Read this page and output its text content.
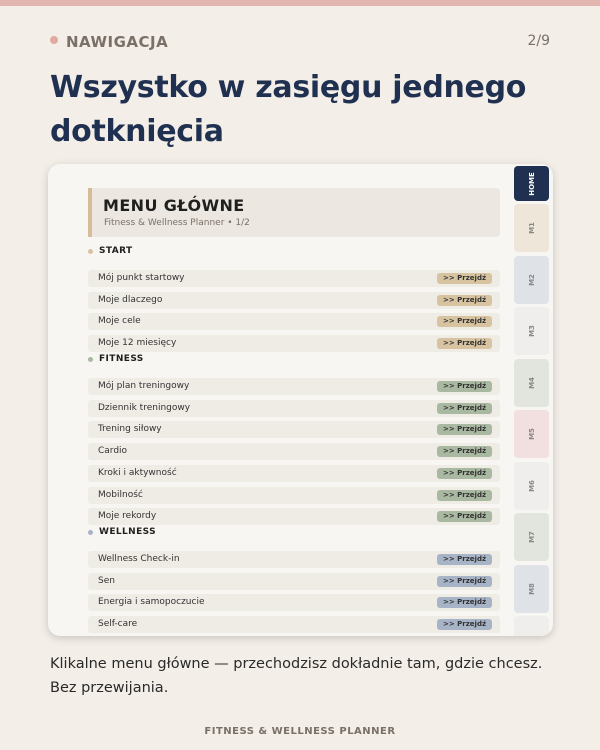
NAWIGACJA	2/9
Wszystko w zasięgu jednego dotknięcia
MENU GŁÓWNE
Fitness & Wellness Planner • 1/2
HOME
M1
M2
M3
M4
M5
M6
M7
M8
START
Mój punkt startowy	>> Przejdź
Moje dlaczego	>> Przejdź
Moje cele	>> Przejdź
Moje 12 miesięcy	>> Przejdź
FITNESS
Mój plan treningowy	>> Przejdź
Dziennik treningowy	>> Przejdź
Trening siłowy	>> Przejdź
Cardio	>> Przejdź
Kroki i aktywność	>> Przejdź
Mobilność	>> Przejdź
Moje rekordy	>> Przejdź
WELLNESS
Wellness Check-in	>> Przejdź
Sen	>> Przejdź
Energia i samopoczucie	>> Przejdź
Self-care	>> Przejdź
Klikalne menu główne — przechodzisz dokładnie tam, gdzie chcesz. Bez przewijania.
FITNESS & WELLNESS PLANNER
